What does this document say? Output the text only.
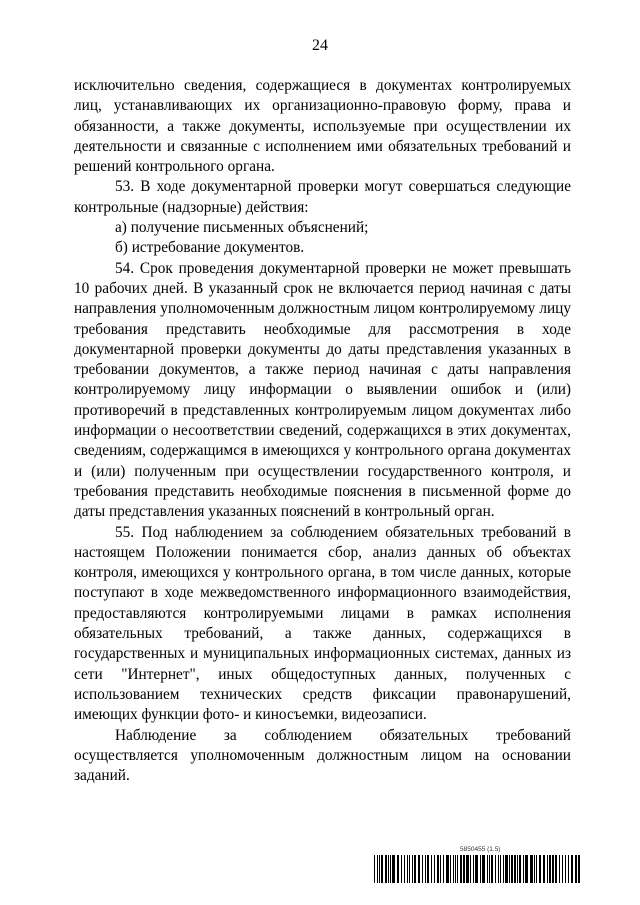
24

исключительно сведения, содержащиеся в документах контролируемых лиц, устанавливающих их организационно-правовую форму, права и обязанности, а также документы, используемые при осуществлении их деятельности и связанные с исполнением ими обязательных требований и решений контрольного органа.

53. В ходе документарной проверки могут совершаться следующие контрольные (надзорные) действия:

а) получение письменных объяснений;

б) истребование документов.

54. Срок проведения документарной проверки не может превышать 10 рабочих дней. В указанный срок не включается период начиная с даты направления уполномоченным должностным лицом контролируемому лицу требования представить необходимые для рассмотрения в ходе документарной проверки документы до даты представления указанных в требовании документов, а также период начиная с даты направления контролируемому лицу информации о выявлении ошибок и (или) противоречий в представленных контролируемым лицом документах либо информации о несоответствии сведений, содержащихся в этих документах, сведениям, содержащимся в имеющихся у контрольного органа документах и (или) полученным при осуществлении государственного контроля, и требования представить необходимые пояснения в письменной форме до даты представления указанных пояснений в контрольный орган.

55. Под наблюдением за соблюдением обязательных требований в настоящем Положении понимается сбор, анализ данных об объектах контроля, имеющихся у контрольного органа, в том числе данных, которые поступают в ходе межведомственного информационного взаимодействия, предоставляются контролируемыми лицами в рамках исполнения обязательных требований, а также данных, содержащихся в государственных и муниципальных информационных системах, данных из сети "Интернет", иных общедоступных данных, полученных с использованием технических средств фиксации правонарушений, имеющих функции фото- и киносъемки, видеозаписи.

Наблюдение за соблюдением обязательных требований осуществляется уполномоченным должностным лицом на основании заданий.

5850455 (1.5)
